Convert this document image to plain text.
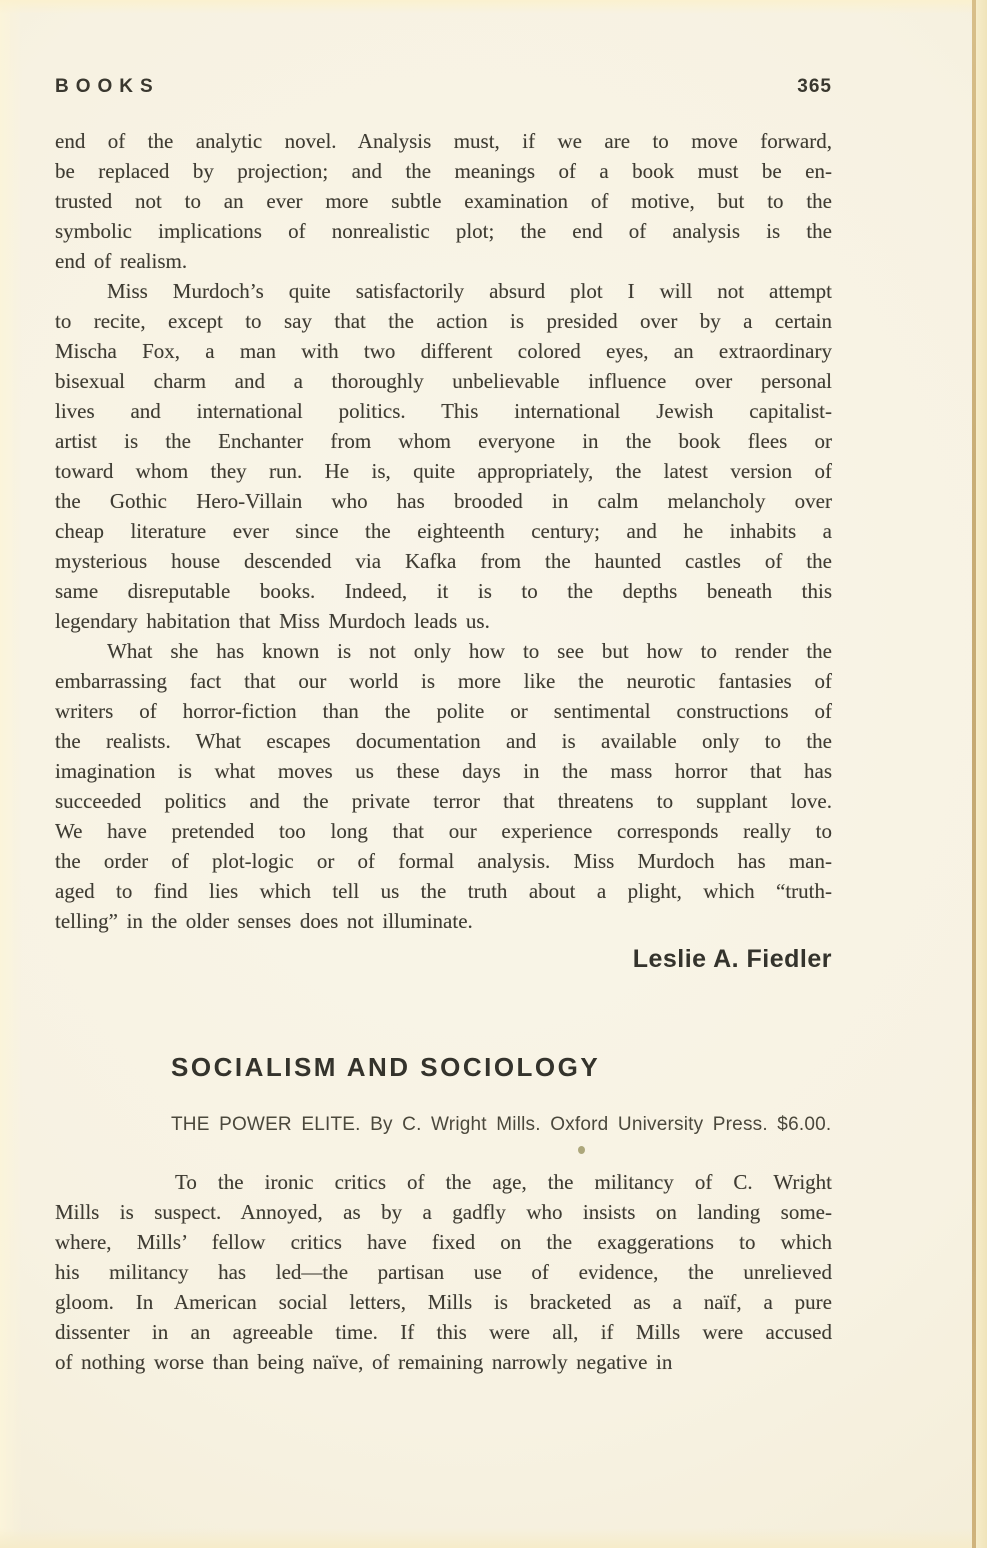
BOOKS	365
end of the analytic novel. Analysis must, if we are to move forward,
be replaced by projection; and the meanings of a book must be en-
trusted not to an ever more subtle examination of motive, but to the
symbolic implications of nonrealistic plot; the end of analysis is the
end of realism.
Miss Murdoch’s quite satisfactorily absurd plot I will not attempt
to recite, except to say that the action is presided over by a certain
Mischa Fox, a man with two different colored eyes, an extraordinary
bisexual charm and a thoroughly unbelievable influence over personal
lives and international politics. This international Jewish capitalist-
artist is the Enchanter from whom everyone in the book flees or
toward whom they run. He is, quite appropriately, the latest version of
the Gothic Hero-Villain who has brooded in calm melancholy over
cheap literature ever since the eighteenth century; and he inhabits a
mysterious house descended via Kafka from the haunted castles of the
same disreputable books. Indeed, it is to the depths beneath this
legendary habitation that Miss Murdoch leads us.
What she has known is not only how to see but how to render the
embarrassing fact that our world is more like the neurotic fantasies of
writers of horror-fiction than the polite or sentimental constructions of
the realists. What escapes documentation and is available only to the
imagination is what moves us these days in the mass horror that has
succeeded politics and the private terror that threatens to supplant love.
We have pretended too long that our experience corresponds really to
the order of plot-logic or of formal analysis. Miss Murdoch has man-
aged to find lies which tell us the truth about a plight, which “truth-
telling” in the older senses does not illuminate.
Leslie A. Fiedler
SOCIALISM AND SOCIOLOGY

THE POWER ELITE. By C. Wright Mills. Oxford University Press. $6.00.

To the ironic critics of the age, the militancy of C. Wright
Mills is suspect. Annoyed, as by a gadfly who insists on landing some-
where, Mills’ fellow critics have fixed on the exaggerations to which
his militancy has led—the partisan use of evidence, the unrelieved
gloom. In American social letters, Mills is bracketed as a naïf, a pure
dissenter in an agreeable time. If this were all, if Mills were accused
of nothing worse than being naïve, of remaining narrowly negative in
